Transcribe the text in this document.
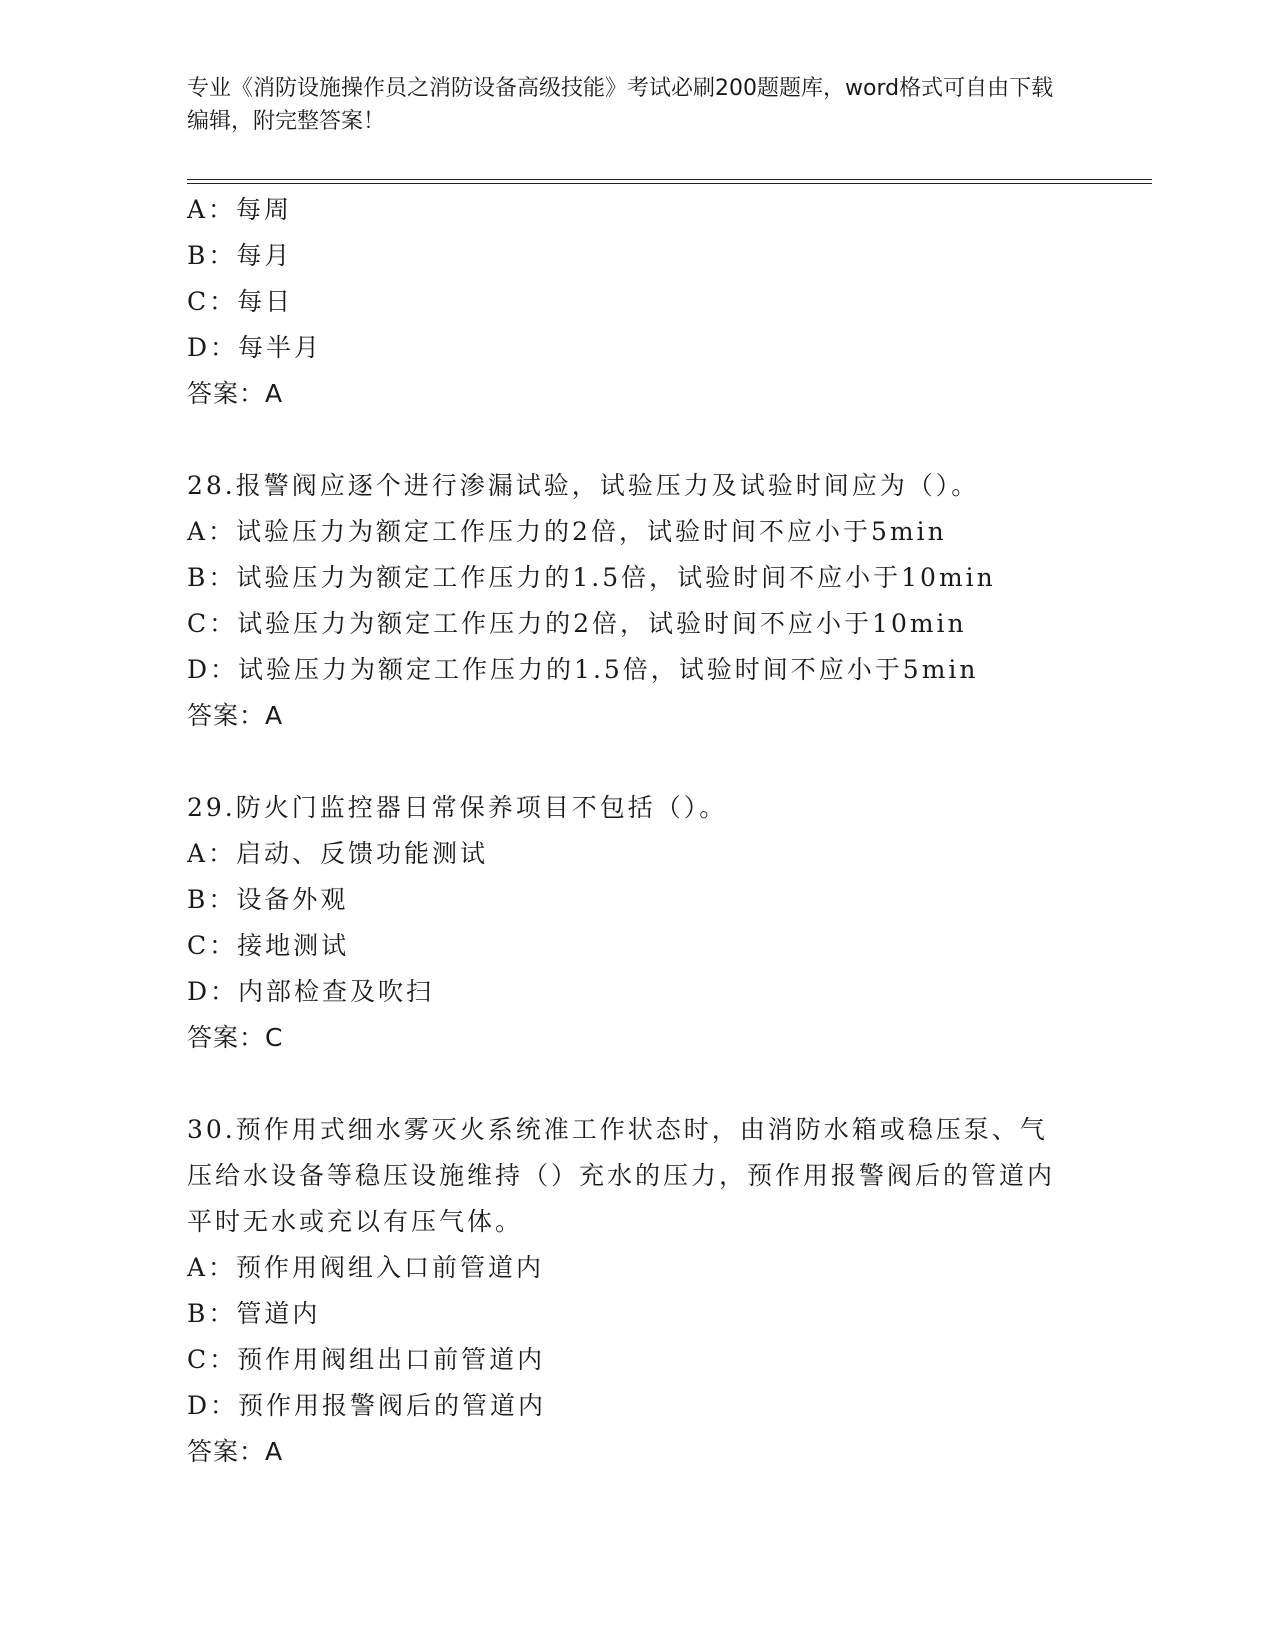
专业《消防设施操作员之消防设备高级技能》考试必刷200题题库，word格式可自由下载编辑，附完整答案！
A：每周
B：每月
C：每日
D：每半月
答案：A
28.报警阀应逐个进行渗漏试验，试验压力及试验时间应为（）。
A：试验压力为额定工作压力的2倍，试验时间不应小于5min
B：试验压力为额定工作压力的1.5倍，试验时间不应小于10min
C：试验压力为额定工作压力的2倍，试验时间不应小于10min
D：试验压力为额定工作压力的1.5倍，试验时间不应小于5min
答案：A
29.防火门监控器日常保养项目不包括（）。
A：启动、反馈功能测试
B：设备外观
C：接地测试
D：内部检查及吹扫
答案：C
30.预作用式细水雾灭火系统准工作状态时，由消防水箱或稳压泵、气压给水设备等稳压设施维持（）充水的压力，预作用报警阀后的管道内平时无水或充以有压气体。
A：预作用阀组入口前管道内
B：管道内
C：预作用阀组出口前管道内
D：预作用报警阀后的管道内
答案：A
